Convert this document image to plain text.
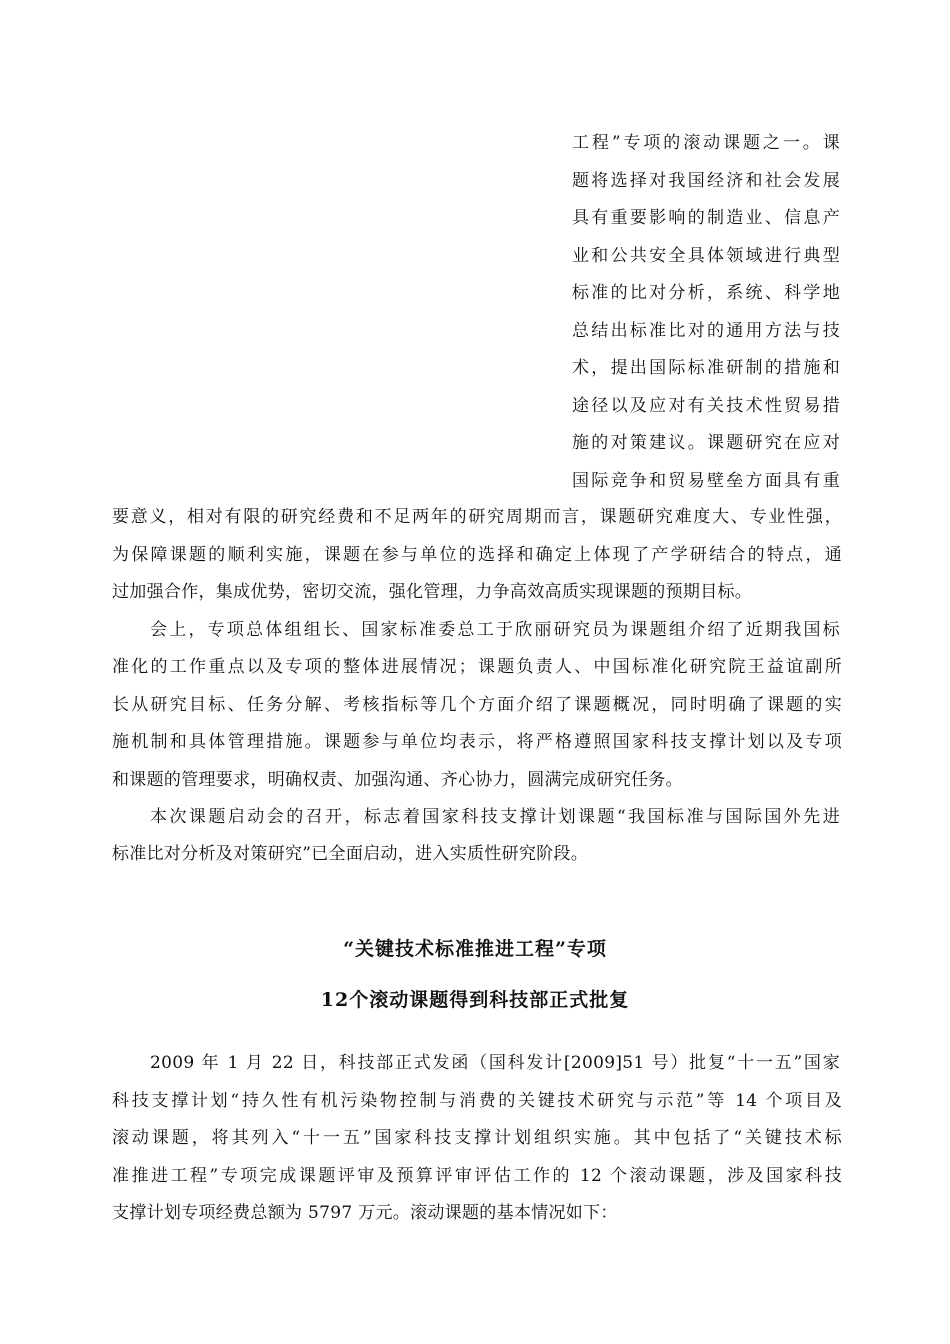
工程”专项的滚动课题之一。课
题将选择对我国经济和社会发展
具有重要影响的制造业、信息产
业和公共安全具体领域进行典型
标准的比对分析，系统、科学地
总结出标准比对的通用方法与技
术，提出国际标准研制的措施和
途径以及应对有关技术性贸易措
施的对策建议。课题研究在应对
国际竞争和贸易壁垒方面具有重
要意义，相对有限的研究经费和不足两年的研究周期而言，课题研究难度大、专业性强，
为保障课题的顺利实施，课题在参与单位的选择和确定上体现了产学研结合的特点，通
过加强合作，集成优势，密切交流，强化管理，力争高效高质实现课题的预期目标。
会上，专项总体组组长、国家标准委总工于欣丽研究员为课题组介绍了近期我国标
准化的工作重点以及专项的整体进展情况；课题负责人、中国标准化研究院王益谊副所
长从研究目标、任务分解、考核指标等几个方面介绍了课题概况，同时明确了课题的实
施机制和具体管理措施。课题参与单位均表示，将严格遵照国家科技支撑计划以及专项
和课题的管理要求，明确权责、加强沟通、齐心协力，圆满完成研究任务。
本次课题启动会的召开，标志着国家科技支撑计划课题“我国标准与国际国外先进
标准比对分析及对策研究”已全面启动，进入实质性研究阶段。
“关键技术标准推进工程”专项
12个滚动课题得到科技部正式批复
2009 年 1 月 22 日，科技部正式发函（国科发计[2009]51 号）批复“十一五”国家
科技支撑计划“持久性有机污染物控制与消费的关键技术研究与示范”等 14 个项目及
滚动课题，将其列入“十一五”国家科技支撑计划组织实施。其中包括了“关键技术标
准推进工程”专项完成课题评审及预算评审评估工作的 12 个滚动课题，涉及国家科技
支撑计划专项经费总额为 5797 万元。滚动课题的基本情况如下：
